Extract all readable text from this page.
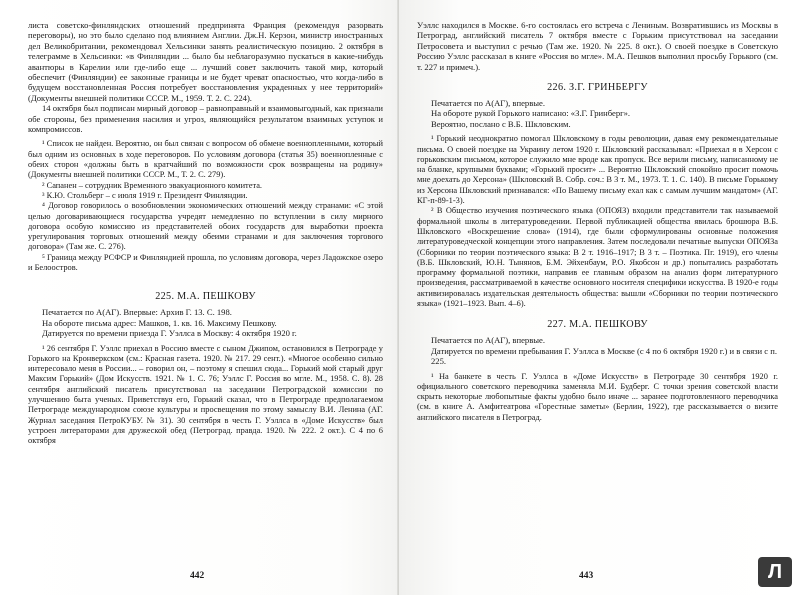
листа советско-финляндских отношений предпринята Франция (рекомендуя разорвать переговоры), но это было сделано под влиянием Англии. Дж.Н. Керзон, министр иностранных дел Великобритании, рекомендовал Хельсинки занять реалистическую позицию. 2 октября в телеграмме в Хельсинки: «в Финляндии ... было бы неблагоразумно пускаться в какие-нибудь авантюры в Карелии или где-либо еще ... лучший совет заключить такой мир, который обеспечит (Финляндии) ее законные границы и не будет чреват опасностью, что когда-либо в будущем восстановленная Россия потребует восстановления украденных у нее территорий» (Документы внешней политики СССР. М., 1959. Т. 2. С. 224).

14 октября был подписан мирный договор – равноправный и взаимовыгодный, как признали обе стороны, без применения насилия и угроз, являющийся результатом взаимных уступок и компромиссов.

¹ Список не найден. Вероятно, он был связан с вопросом об обмене военнопленными, который был одним из основных в ходе переговоров. По условиям договора (статья 35) военнопленные с обеих сторон «должны быть в кратчайший по возможности срок возвращены на родину» (Документы внешней политики СССР. М., Т. 2. С. 279).

² Сапанен – сотрудник Временного эвакуационного комитета.

³ К.Ю. Стольберг – с июля 1919 г. Президент Финляндии.

⁴ Договор говорилось о возобновлении экономических отношений между странами: «С этой целью договаривающиеся государства учредят немедленно по вступлении в силу мирного договора особую комиссию из представителей обоих государств для выработки проекта урегулирования торговых отношений между обеими странами и для заключения торгового договора» (Там же. С. 276).

⁵ Граница между РСФСР и Финляндией прошла, по условиям договора, через Ладожское озеро и Белоостров.

225. М.А. ПЕШКОВУ
Печатается по А(АГ). Впервые: Архив Г. 13. С. 198.
На обороте письма адрес: Машков, 1. кв. 16. Максиму Пешкову.
Датируется по времени приезда Г. Уэллса в Москву: 4 октября 1920 г.

¹ 26 сентября Г. Уэллс приехал в Россию вместе с сыном Джипом, остановился в Петрограде у Горького на Кронверкском (см.: Красная газета. 1920. № 217. 29 сент.). «Многое особенно сильно интересовало меня в России... – говорил он, – поэтому я спешил сюда... Горький мой старый друг Максим Горький» (Дом Искусств. 1921. № 1. С. 76; Уэллс Г. Россия во мгле. М., 1958. С. 8). 28 сентября английский писатель присутствовал на заседании Петроградской комиссии по улучшению быта ученых. Приветствуя его, Горький сказал, что в Петрограде предполагаемом Петрограде международном союзе культуры и просвещения по этому замыслу В.И. Ленина (АГ. Журнал заседания ПетроКУБУ. № 31). 30 сентября в честь Г. Уэллса в «Доме Искусств» был устроен литераторами для дружеской обед (Петроград. правда. 1920. № 222. 2 окт.). С 4 по 6 октября

442

Уэллс находился в Москве. 6-го состоялась его встреча с Лениным. Возвратившись из Москвы в Петроград, английский писатель 7 октября вместе с Горьким присутствовал на заседании Петросовета и выступил с речью (Там же. 1920. № 225. 8 окт.). О своей поездке в Советскую Россию Уэллс рассказал в книге «Россия во мгле». М.А. Пешков выполнил просьбу Горького (см. т. 227 и примеч.).

226. З.Г. ГРИНБЕРГУ
Печатается по А(АГ), впервые.
На обороте рукой Горького написано: «З.Г. Гринберг».
Вероятно, послано с В.Б. Шкловским.

¹ Горький неоднократно помогал Шкловскому в годы революции, давая ему рекомендательные письма. О своей поездке на Украину летом 1920 г. Шкловский рассказывал: «Приехал я в Херсон с горьковским письмом, которое служило мне вроде как пропуск. Все верили письму, написанному не на бланке, крупными буквами; «Горький просит» ... Вероятно Шкловский спокойно просит помочь мне доехать до Херсона» (Шкловский В. Собр. соч.: В 3 т. М., 1973. Т. 1. С. 140). В письме Горькому из Херсона Шкловский признавался: «По Вашему письму ехал как с самым лучшим мандатом» (АГ. КГ-п-89-1-3).

² В Общество изучения поэтического языка (ОПОЯЗ) входили представители так называемой формальной школы в литературоведении. Первой публикацией общества явилась брошюра В.Б. Шкловского «Воскрешение слова» (1914), где были сформулированы основные положения литературоведческой концепции этого направления. Затем последовали печатные выпуски ОПОЯЗа (Сборники по теории поэтического языка: В 2 т. 1916–1917; В 3 т. – Поэтика. Пг. 1919), его члены (В.Б. Шкловский, Ю.Н. Тынянов, Б.М. Эйхенбаум, Р.О. Якобсон и др.) попытались разработать программу формальной поэтики, направив ее главным образом на анализ форм литературного произведения, рассматриваемой в качестве основного носителя специфики искусства. В 1920-е годы активизировалась издательская деятельность общества: вышли «Сборники по теории поэтического языка» (1921–1923. Вып. 4–6).

227. М.А. ПЕШКОВУ
Печатается по А(АГ), впервые.
Датируется по времени пребывания Г. Уэллса в Москве (с 4 по 6 октября 1920 г.) и в связи с п. 225.

¹ На банкете в честь Г. Уэллса в «Доме Искусств» в Петрограде 30 сентября 1920 г. официального советского переводчика заменяла М.И. Будберг. С точки зрения советской власти скрыть некоторые любопытные факты удобно было иначе ... заранее подготовленного переводчика (см. в книге А. Амфитеатрова «Горестные заметы» (Берлин, 1922), где рассказывается о визите английского писателя в Петроград.

443	Л
